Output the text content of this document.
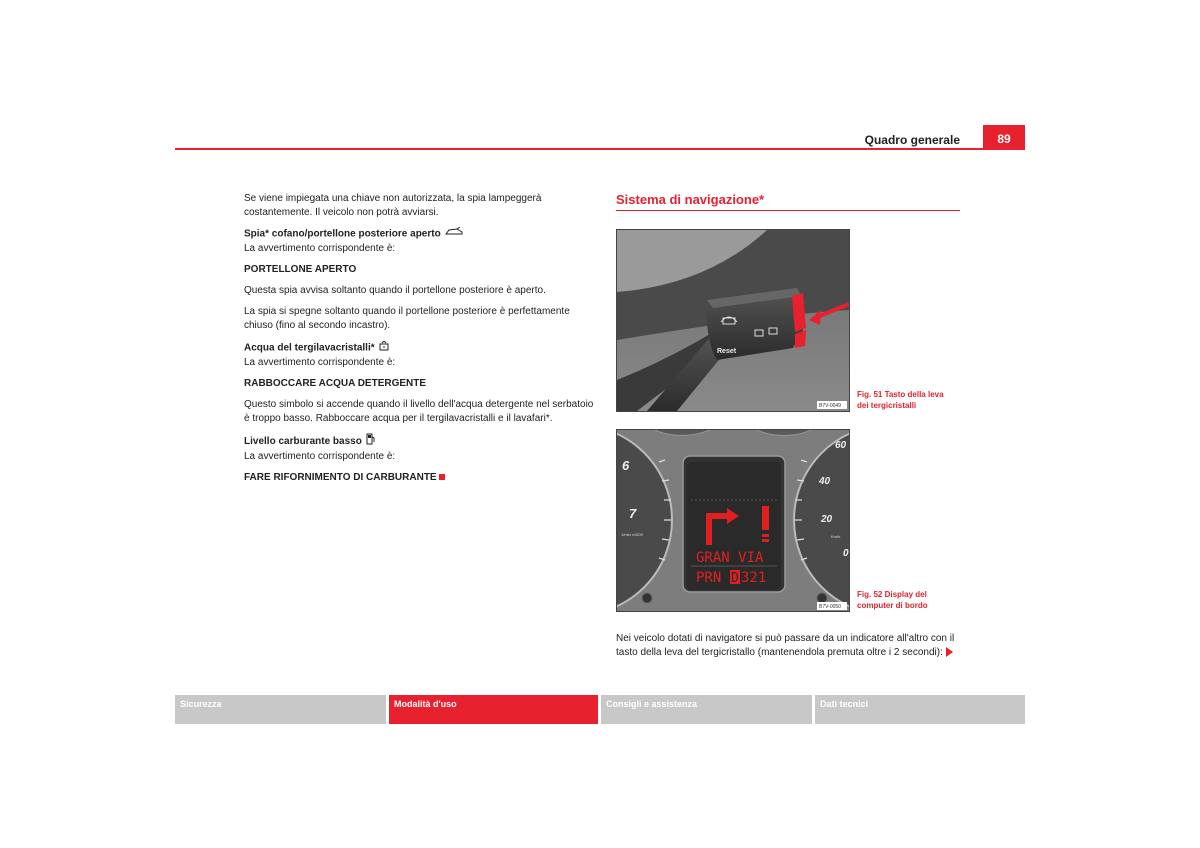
Quadro generale	89

Se viene impiegata una chiave non autorizzata, la spia lampeggerà costantemente. Il veicolo non potrà avviarsi.

Spia* cofano/portellone posteriore aperto

La avvertimento corrispondente è:

PORTELLONE APERTO

Questa spia avvisa soltanto quando il portellone posteriore è aperto.

La spia si spegne soltanto quando il portellone posteriore è perfettamente chiuso (fino al secondo incastro).

Acqua del tergilavacristalli*

La avvertimento corrispondente è:

RABBOCCARE ACQUA DETERGENTE

Questo simbolo si accende quando il livello dell'acqua detergente nel serbatoio è troppo basso. Rabboccare acqua per il tergilavacristalli e il lavafari*.

Livello carburante basso

La avvertimento corrispondente è:

FARE RIFORNIMENTO DI CARBURANTE

Sistema di navigazione*
Reset
B7V-0049
Fig. 51 Tasto della leva
dei tergicristalli
6
7
1/min x1000
60
40
20
0
Km/h
GRAN VIA
PRN D 321
B7V-0050
Fig. 52 Display del
computer di bordo
Nei veicolo dotati di navigatore si può passare da un indicatore all'altro con il tasto della leva del tergicristallo (mantenendola premuta oltre i 2 secondi):
Sicurezza	Modalità d'uso	Consigli e assistenza	Dati tecnici
